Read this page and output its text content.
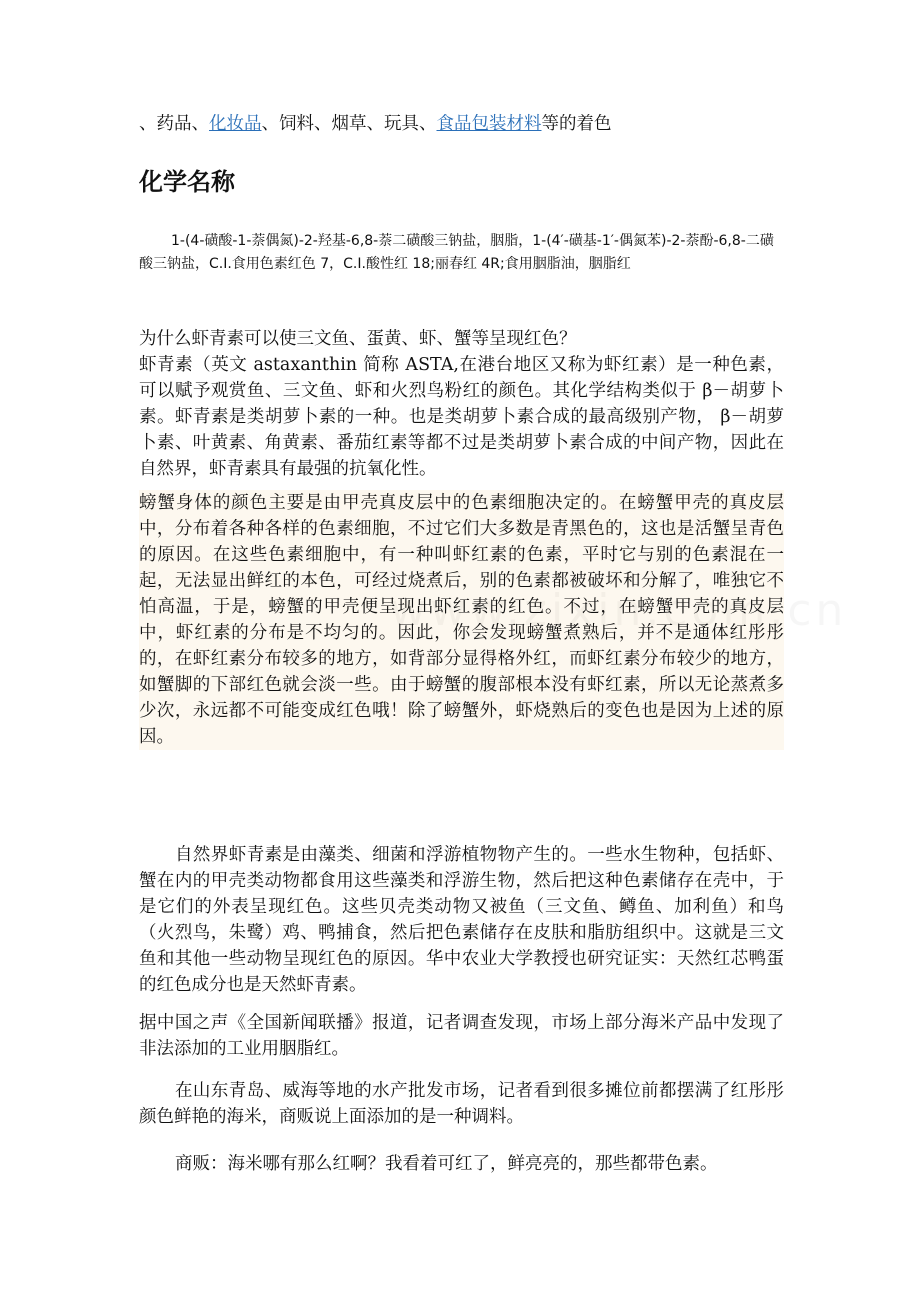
、药品、化妆品、饲料、烟草、玩具、食品包装材料等的着色
化学名称
1-(4-磺酸-1-萘偶氮)-2-羟基-6,8-萘二磺酸三钠盐，胭脂，1-(4′-磺基-1′-偶氮苯)-2-萘酚-6,8-二磺酸三钠盐，C.I.食用色素红色 7，C.I.酸性红 18;丽春红 4R;食用胭脂油，胭脂红
为什么虾青素可以使三文鱼、蛋黄、虾、蟹等呈现红色？
虾青素（英文 astaxanthin 简称 ASTA,在港台地区又称为虾红素）是一种色素，可以赋予观赏鱼、三文鱼、虾和火烈鸟粉红的颜色。其化学结构类似于 β－胡萝卜素。虾青素是类胡萝卜素的一种。也是类胡萝卜素合成的最高级别产物， β－胡萝卜素、叶黄素、角黄素、番茄红素等都不过是类胡萝卜素合成的中间产物，因此在自然界，虾青素具有最强的抗氧化性。
螃蟹身体的颜色主要是由甲壳真皮层中的色素细胞决定的。在螃蟹甲壳的真皮层中，分布着各种各样的色素细胞，不过它们大多数是青黑色的，这也是活蟹呈青色的原因。在这些色素细胞中，有一种叫虾红素的色素，平时它与别的色素混在一起，无法显出鲜红的本色，可经过烧煮后，别的色素都被破坏和分解了，唯独它不怕高温，于是，螃蟹的甲壳便呈现出虾红素的红色。不过，在螃蟹甲壳的真皮层中，虾红素的分布是不均匀的。因此，你会发现螃蟹煮熟后，并不是通体红彤彤的，在虾红素分布较多的地方，如背部分显得格外红，而虾红素分布较少的地方，如蟹脚的下部红色就会淡一些。由于螃蟹的腹部根本没有虾红素，所以无论蒸煮多少次，永远都不可能变成红色哦！除了螃蟹外，虾烧熟后的变色也是因为上述的原因。
自然界虾青素是由藻类、细菌和浮游植物物产生的。一些水生物种，包括虾、蟹在内的甲壳类动物都食用这些藻类和浮游生物，然后把这种色素储存在壳中，于是它们的外表呈现红色。这些贝壳类动物又被鱼（三文鱼、鳟鱼、加利鱼）和鸟（火烈鸟，朱鹭）鸡、鸭捕食，然后把色素储存在皮肤和脂肪组织中。这就是三文鱼和其他一些动物呈现红色的原因。华中农业大学教授也研究证实：天然红芯鸭蛋的红色成分也是天然虾青素。
据中国之声《全国新闻联播》报道，记者调查发现，市场上部分海米产品中发现了非法添加的工业用胭脂红。
在山东青岛、威海等地的水产批发市场，记者看到很多摊位前都摆满了红彤彤颜色鲜艳的海米，商贩说上面添加的是一种调料。
商贩：海米哪有那么红啊？我看着可红了，鲜亮亮的，那些都带色素。
